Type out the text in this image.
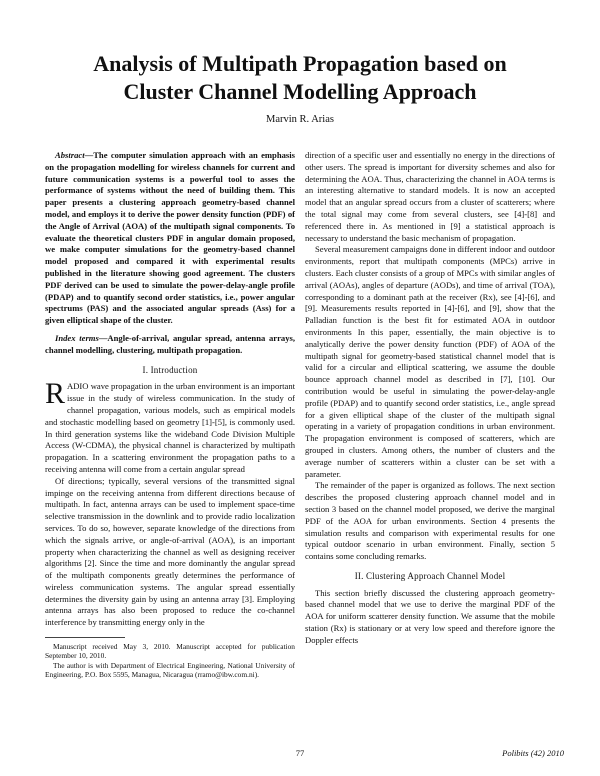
Analysis of Multipath Propagation based on
Cluster Channel Modelling Approach
Marvin R. Arias

Abstract—The computer simulation approach with an emphasis on the propagation modelling for wireless channels for current and future communication systems is a powerful tool to asses the performance of systems without the need of building them. This paper presents a clustering approach geometry-based channel model, and employs it to derive the power density function (PDF) of the Angle of Arrival (AOA) of the multipath signal components. To evaluate the theoretical clusters PDF in angular domain proposed, we make computer simulations for the geometry-based channel model proposed and compared it with experimental results published in the literature showing good agreement. The clusters PDF derived can be used to simulate the power-delay-angle profile (PDAP) and to quantify second order statistics, i.e., power angular spectrums (PAS) and the associated angular spreads (Ass) for a given elliptical shape of the cluster.

Index terms—Angle-of-arrival, angular spread, antenna arrays, channel modelling, clustering, multipath propagation.

I. Introduction

RADIO wave propagation in the urban environment is an important issue in the study of wireless communication. In the study of channel propagation, various models, such as empirical models and stochastic modelling based on geometry [1]-[5], is commonly used. In third generation systems like the wideband Code Division Multiple Access (W-CDMA), the physical channel is characterized by multipath propagation. In a scattering environment the propagation paths to a receiving antenna will come from a certain angular spread

Of directions; typically, several versions of the transmitted signal impinge on the receiving antenna from different directions because of multipath. In fact, antenna arrays can be used to implement space-time selective transmission in the downlink and to provide radio localization services. To do so, however, separate knowledge of the directions from which the signals arrive, or angle-of-arrival (AOA), is an important property when characterizing the channel as well as designing receiver algorithms [2]. Since the time and more dominantly the angular spread of the multipath components greatly determines the performance of wireless communication systems. The angular spread essentially determines the diversity gain by using an antenna array [3]. Employing antenna arrays has also been proposed to reduce the co-channel interference by transmitting energy only in the

Manuscript received May 3, 2010. Manuscript accepted for publication September 10, 2010.

The author is with Department of Electrical Engineering, National University of Engineering, P.O. Box 5595, Managua, Nicaragua (rramo@ibw.com.ni).

direction of a specific user and essentially no energy in the directions of other users. The spread is important for diversity schemes and also for determining the AOA. Thus, characterizing the channel in AOA terms is an interesting alternative to standard models. It is now an accepted model that an angular spread occurs from a cluster of scatterers; where the total signal may come from several clusters, see [4]-[8] and referenced there in. As mentioned in [9] a statistical approach is necessary to understand the basic mechanism of propagation.

Several measurement campaigns done in different indoor and outdoor environments, report that multipath components (MPCs) arrive in clusters. Each cluster consists of a group of MPCs with similar angles of arrival (AOAs), angles of departure (AODs), and time of arrival (TOA), corresponding to a dominant path at the receiver (Rx), see [4]-[6], and [9]. Measurements results reported in [4]-[6], and [9], show that the Palladian function is the best fit for estimated AOA in outdoor environments In this paper, essentially, the main objective is to analytically derive the power density function (PDF) of AOA of the multipath signal for geometry-based statistical channel model that is valid for a circular and elliptical scattering, we assume the double bounce approach channel model as described in [7], [10]. Our contribution would be useful in simulating the power-delay-angle profile (PDAP) and to quantify second order statistics, i.e., angle spread for a given elliptical shape of the cluster of the multipath signal operating in a variety of propagation conditions in urban environment. The propagation environment is composed of scatterers, which are grouped in clusters. Among others, the number of clusters and the average number of scatterers within a cluster can be set with a parameter.

The remainder of the paper is organized as follows. The next section describes the proposed clustering approach channel model and in section 3 based on the channel model proposed, we derive the marginal PDF of the AOA for urban environments. Section 4 presents the simulation results and comparison with experimental results for one typical outdoor scenario in urban environment. Finally, section 5 contains some concluding remarks.

II. Clustering Approach Channel Model

This section briefly discussed the clustering approach geometry-based channel model that we use to derive the marginal PDF of the AOA for uniform scatterer density function. We assume that the mobile station (Rx) is stationary or at very low speed and therefore ignore the Doppler effects

77	Polibits (42) 2010
